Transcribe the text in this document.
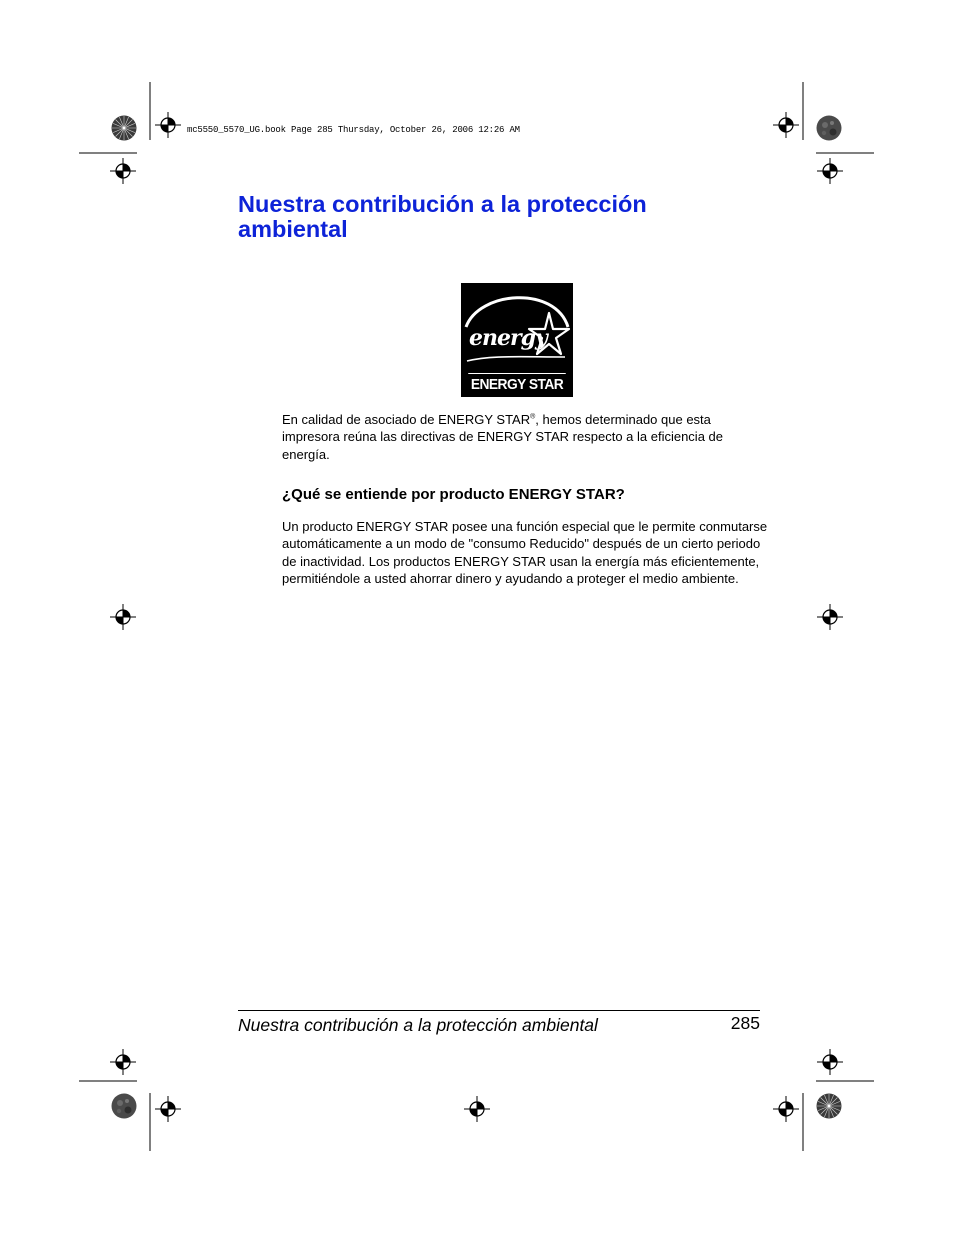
mc5550_5570_UG.book Page 285 Thursday, October 26, 2006 12:26 AM
Nuestra contribución a la protección
ambiental
energy
ENERGY STAR

En calidad de asociado de ENERGY STAR®, hemos determinado que esta impresora reúna las directivas de ENERGY STAR respecto a la eficiencia de energía.

¿Qué se entiende por producto ENERGY STAR?

Un producto ENERGY STAR posee una función especial que le permite conmutarse automáticamente a un modo de "consumo Reducido" después de un cierto periodo de inactividad. Los productos ENERGY STAR usan la energía más eficientemente, permitiéndole a usted ahorrar dinero y ayudando a proteger el medio ambiente.

Nuestra contribución a la protección ambiental	285
